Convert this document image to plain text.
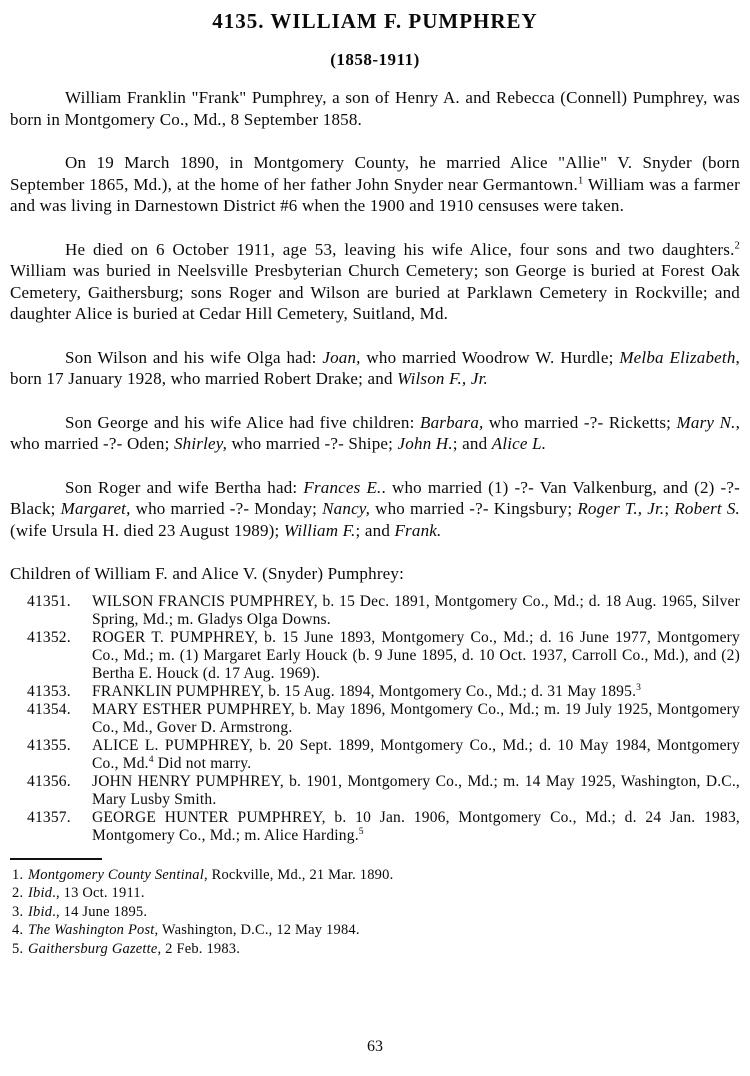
4135. WILLIAM F. PUMPHREY
(1858-1911)

William Franklin "Frank" Pumphrey, a son of Henry A. and Rebecca (Connell) Pumphrey, was born in Montgomery Co., Md., 8 September 1858.

On 19 March 1890, in Montgomery County, he married Alice "Allie" V. Snyder (born September 1865, Md.), at the home of her father John Snyder near Germantown.$^1$ William was a farmer and was living in Darnestown District #6 when the 1900 and 1910 censuses were taken.

He died on 6 October 1911, age 53, leaving his wife Alice, four sons and two daughters.$^2$ William was buried in Neelsville Presbyterian Church Cemetery; son George is buried at Forest Oak Cemetery, Gaithersburg; sons Roger and Wilson are buried at Parklawn Cemetery in Rockville; and daughter Alice is buried at Cedar Hill Cemetery, Suitland, Md.

Son Wilson and his wife Olga had: Joan, who married Woodrow W. Hurdle; Melba Elizabeth, born 17 January 1928, who married Robert Drake; and Wilson F., Jr.

Son George and his wife Alice had five children: Barbara, who married -?- Ricketts; Mary N., who married -?- Oden; Shirley, who married -?- Shipe; John H.; and Alice L.

Son Roger and wife Bertha had: Frances E.. who married (1) -?- Van Valkenburg, and (2) -?- Black; Margaret, who married -?- Monday; Nancy, who married -?- Kingsbury; Roger T., Jr.; Robert S. (wife Ursula H. died 23 August 1989); William F.; and Frank.

Children of William F. and Alice V. (Snyder) Pumphrey:

41351.	WILSON FRANCIS PUMPHREY, b. 15 Dec. 1891, Montgomery Co., Md.; d. 18 Aug. 1965, Silver Spring, Md.; m. Gladys Olga Downs.
41352.	ROGER T. PUMPHREY, b. 15 June 1893, Montgomery Co., Md.; d. 16 June 1977, Montgomery Co., Md.; m. (1) Margaret Early Houck (b. 9 June 1895, d. 10 Oct. 1937, Carroll Co., Md.), and (2) Bertha E. Houck (d. 17 Aug. 1969).
41353.	FRANKLIN PUMPHREY, b. 15 Aug. 1894, Montgomery Co., Md.; d. 31 May 1895.$^3$
41354.	MARY ESTHER PUMPHREY, b. May 1896, Montgomery Co., Md.; m. 19 July 1925, Montgomery Co., Md., Gover D. Armstrong.
41355.	ALICE L. PUMPHREY, b. 20 Sept. 1899, Montgomery Co., Md.; d. 10 May 1984, Montgomery Co., Md.$^4$ Did not marry.
41356.	JOHN HENRY PUMPHREY, b. 1901, Montgomery Co., Md.; m. 14 May 1925, Washington, D.C., Mary Lusby Smith.
41357.	GEORGE HUNTER PUMPHREY, b. 10 Jan. 1906, Montgomery Co., Md.; d. 24 Jan. 1983, Montgomery Co., Md.; m. Alice Harding.$^5$
1. Montgomery County Sentinal, Rockville, Md., 21 Mar. 1890.
2. Ibid., 13 Oct. 1911.
3. Ibid., 14 June 1895.
4. The Washington Post, Washington, D.C., 12 May 1984.
5. Gaithersburg Gazette, 2 Feb. 1983.
63
